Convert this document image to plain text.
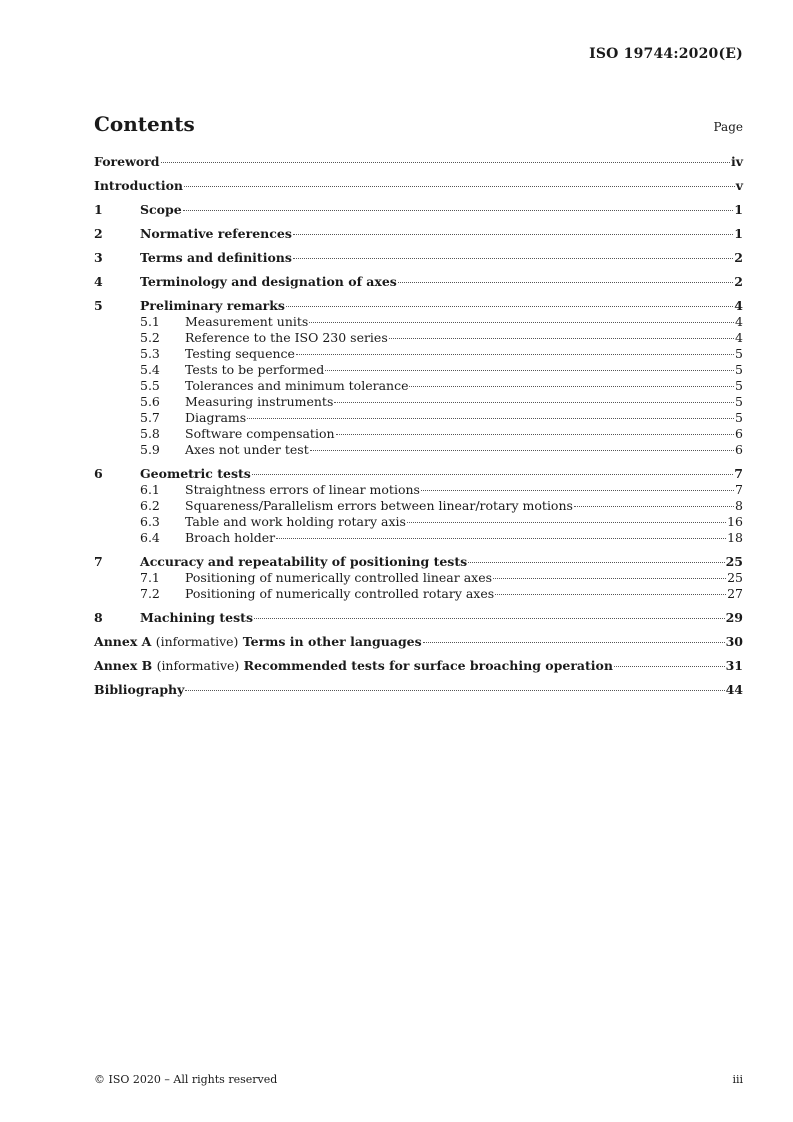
ISO 19744:2020(E)
Contents	Page
Foreword	iv
Introduction	v
1	Scope	1
2	Normative references	1
3	Terms and definitions	2
4	Terminology and designation of axes	2
5	Preliminary remarks	4
5.1	Measurement units	4
5.2	Reference to the ISO 230 series	4
5.3	Testing sequence	5
5.4	Tests to be performed	5
5.5	Tolerances and minimum tolerance	5
5.6	Measuring instruments	5
5.7	Diagrams	5
5.8	Software compensation	6
5.9	Axes not under test	6
6	Geometric tests	7
6.1	Straightness errors of linear motions	7
6.2	Squareness/Parallelism errors between linear/rotary motions	8
6.3	Table and work holding rotary axis	16
6.4	Broach holder	18
7	Accuracy and repeatability of positioning tests	25
7.1	Positioning of numerically controlled linear axes	25
7.2	Positioning of numerically controlled rotary axes	27
8	Machining tests	29
Annex A (informative) Terms in other languages	30
Annex B (informative) Recommended tests for surface broaching operation	31
Bibliography	44
© ISO 2020 – All rights reserved	iii
